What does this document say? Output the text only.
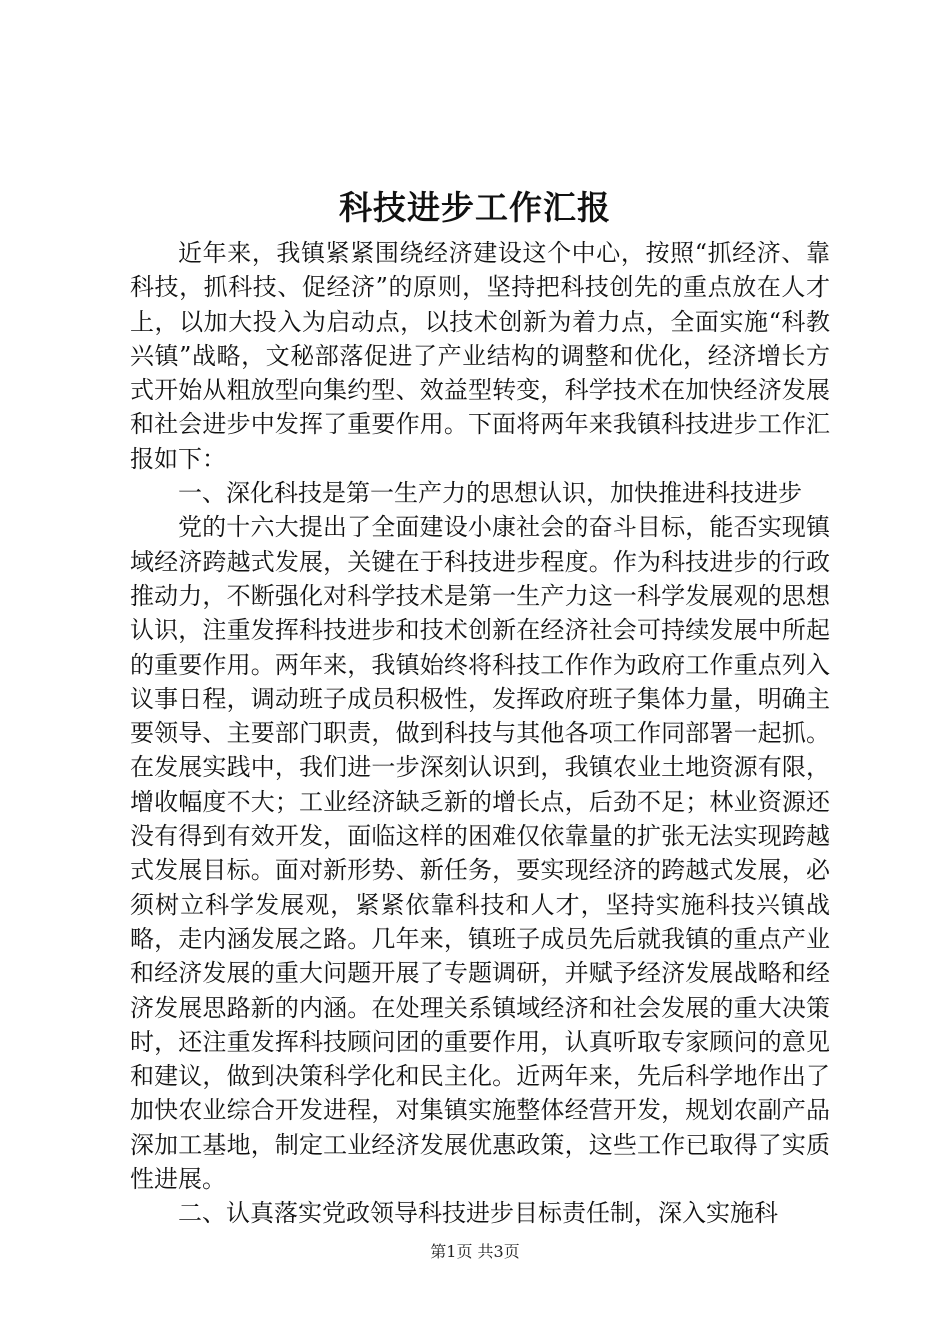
科技进步工作汇报

近年来，我镇紧紧围绕经济建设这个中心，按照“抓经济、靠科技，抓科技、促经济”的原则，坚持把科技创先的重点放在人才上，以加大投入为启动点，以技术创新为着力点，全面实施“科教兴镇”战略，文秘部落促进了产业结构的调整和优化，经济增长方式开始从粗放型向集约型、效益型转变，科学技术在加快经济发展和社会进步中发挥了重要作用。下面将两年来我镇科技进步工作汇报如下：

一、深化科技是第一生产力的思想认识，加快推进科技进步

党的十六大提出了全面建设小康社会的奋斗目标，能否实现镇域经济跨越式发展，关键在于科技进步程度。作为科技进步的行政推动力，不断强化对科学技术是第一生产力这一科学发展观的思想认识，注重发挥科技进步和技术创新在经济社会可持续发展中所起的重要作用。两年来，我镇始终将科技工作作为政府工作重点列入议事日程，调动班子成员积极性，发挥政府班子集体力量，明确主要领导、主要部门职责，做到科技与其他各项工作同部署一起抓。在发展实践中，我们进一步深刻认识到，我镇农业土地资源有限，增收幅度不大；工业经济缺乏新的增长点，后劲不足；林业资源还没有得到有效开发，面临这样的困难仅依靠量的扩张无法实现跨越式发展目标。面对新形势、新任务，要实现经济的跨越式发展，必须树立科学发展观，紧紧依靠科技和人才，坚持实施科技兴镇战略，走内涵发展之路。几年来，镇班子成员先后就我镇的重点产业和经济发展的重大问题开展了专题调研，并赋予经济发展战略和经济发展思路新的内涵。在处理关系镇域经济和社会发展的重大决策时，还注重发挥科技顾问团的重要作用，认真听取专家顾问的意见和建议，做到决策科学化和民主化。近两年来，先后科学地作出了加快农业综合开发进程，对集镇实施整体经营开发，规划农副产品深加工基地，制定工业经济发展优惠政策，这些工作已取得了实质性进展。

二、认真落实党政领导科技进步目标责任制，深入实施科

第1页 共3页
